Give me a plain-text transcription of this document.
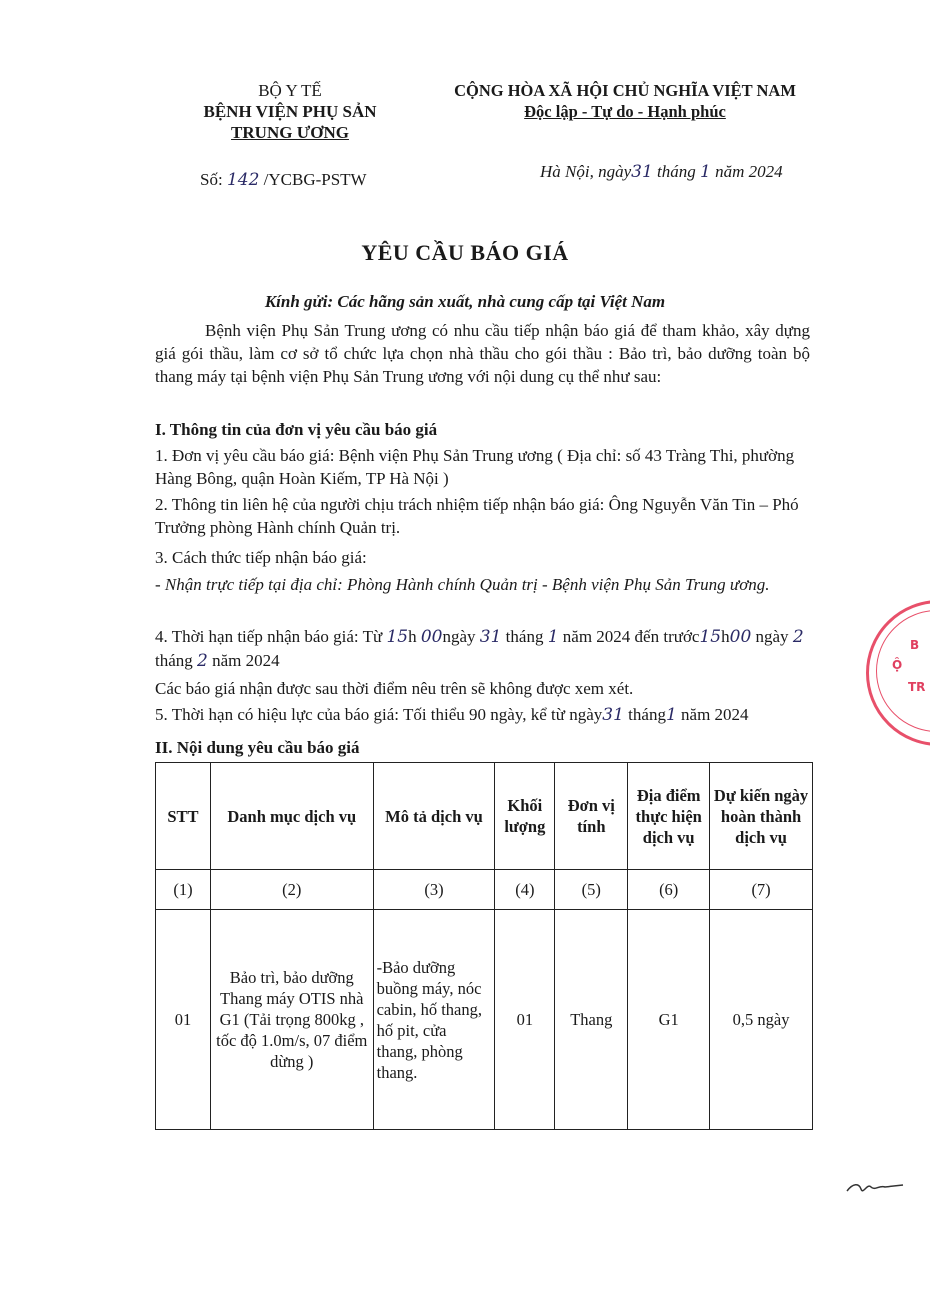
BỘ Y TẾ
BỆNH VIỆN PHỤ SẢN
TRUNG ƯƠNG
CỘNG HÒA XÃ HỘI CHỦ NGHĨA VIỆT NAM
Độc lập - Tự do - Hạnh phúc
Số: 142 /YCBG-PSTW	Hà Nội, ngày31 tháng 1 năm 2024
YÊU CẦU BÁO GIÁ
Kính gửi: Các hãng sản xuất, nhà cung cấp tại Việt Nam
Bệnh viện Phụ Sản Trung ương có nhu cầu tiếp nhận báo giá để tham khảo, xây dựng giá gói thầu, làm cơ sở tổ chức lựa chọn nhà thầu cho gói thầu : Bảo trì, bảo dưỡng toàn bộ thang máy tại bệnh viện Phụ Sản Trung ương với nội dung cụ thể như sau:
I. Thông tin của đơn vị yêu cầu báo giá
1. Đơn vị yêu cầu báo giá: Bệnh viện Phụ Sản Trung ương ( Địa chỉ: số 43 Tràng Thi, phường Hàng Bông, quận Hoàn Kiếm, TP Hà Nội )
2. Thông tin liên hệ của người chịu trách nhiệm tiếp nhận báo giá: Ông Nguyễn Văn Tin – Phó Trưởng phòng Hành chính Quản trị.
3. Cách thức tiếp nhận báo giá:
- Nhận trực tiếp tại địa chỉ: Phòng Hành chính Quản trị - Bệnh viện Phụ Sản Trung ương.
4. Thời hạn tiếp nhận báo giá: Từ 15h 00ngày 31 tháng 1 năm 2024 đến trước15h00 ngày 2 tháng 2 năm 2024
Các báo giá nhận được sau thời điểm nêu trên sẽ không được xem xét.
5. Thời hạn có hiệu lực của báo giá: Tối thiểu 90 ngày, kể từ ngày31 tháng1 năm 2024
II. Nội dung yêu cầu báo giá
STT	Danh mục dịch vụ	Mô tả dịch vụ	Khối lượng	Đơn vị tính	Địa điểm thực hiện dịch vụ	Dự kiến ngày hoàn thành dịch vụ
(1)	(2)	(3)	(4)	(5)	(6)	(7)
01	Bảo trì, bảo dưỡng Thang máy OTIS nhà G1 (Tải trọng 800kg , tốc độ 1.0m/s, 07 điểm dừng )	-Bảo dưỡng buồng máy, nóc cabin, hố thang, hố pit, cửa thang, phòng thang.	01	Thang	G1	0,5 ngày
Ộ
B
TR
